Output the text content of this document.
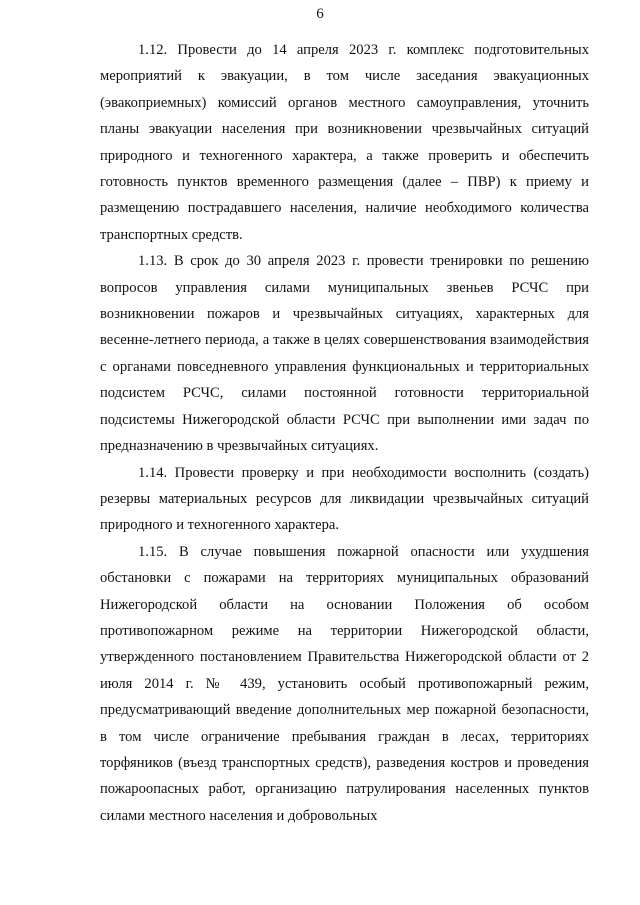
6

1.12. Провести до 14 апреля 2023 г. комплекс подготовительных мероприятий к эвакуации, в том числе заседания эвакуационных (эвакоприемных) комиссий органов местного самоуправления, уточнить планы эвакуации населения при возникновении чрезвычайных ситуаций природного и техногенного характера, а также проверить и обеспечить готовность пунктов временного размещения (далее – ПВР) к приему и размещению пострадавшего населения, наличие необходимого количества транспортных средств.

1.13. В срок до 30 апреля 2023 г. провести тренировки по решению вопросов управления силами муниципальных звеньев РСЧС при возникновении пожаров и чрезвычайных ситуациях, характерных для весенне-летнего периода, а также в целях совершенствования взаимодействия с органами повседневного управления функциональных и территориальных подсистем РСЧС, силами постоянной готовности территориальной подсистемы Нижегородской области РСЧС при выполнении ими задач по предназначению в чрезвычайных ситуациях.

1.14. Провести проверку и при необходимости восполнить (создать) резервы материальных ресурсов для ликвидации чрезвычайных ситуаций природного и техногенного характера.

1.15. В случае повышения пожарной опасности или ухудшения обстановки с пожарами на территориях муниципальных образований Нижегородской области на основании Положения об особом противопожарном режиме на территории Нижегородской области, утвержденного постановлением Правительства Нижегородской области от 2 июля 2014 г. № 439, установить особый противопожарный режим, предусматривающий введение дополнительных мер пожарной безопасности, в том числе ограничение пребывания граждан в лесах, территориях торфяников (въезд транспортных средств), разведения костров и проведения пожароопасных работ, организацию патрулирования населенных пунктов силами местного населения и добровольных
